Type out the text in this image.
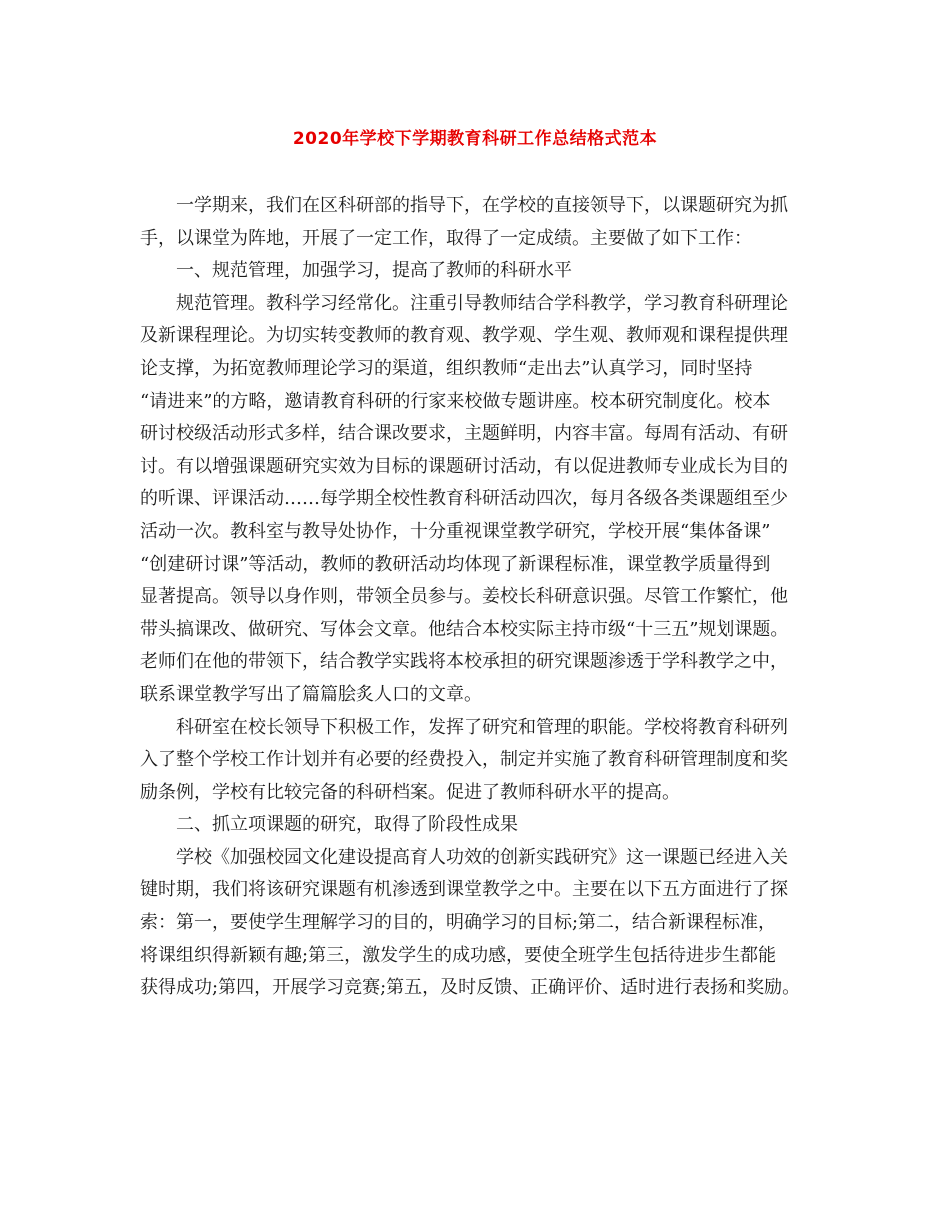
2020年学校下学期教育科研工作总结格式范本
一学期来，我们在区科研部的指导下，在学校的直接领导下，以课题研究为抓
手，以课堂为阵地，开展了一定工作，取得了一定成绩。主要做了如下工作：
一、规范管理，加强学习，提高了教师的科研水平
规范管理。教科学习经常化。注重引导教师结合学科教学，学习教育科研理论
及新课程理论。为切实转变教师的教育观、教学观、学生观、教师观和课程提供理
论支撑，为拓宽教师理论学习的渠道，组织教师“走出去”认真学习，同时坚持
“请进来”的方略，邀请教育科研的行家来校做专题讲座。校本研究制度化。校本
研讨校级活动形式多样，结合课改要求，主题鲜明，内容丰富。每周有活动、有研
讨。有以增强课题研究实效为目标的课题研讨活动，有以促进教师专业成长为目的
的听课、评课活动……每学期全校性教育科研活动四次，每月各级各类课题组至少
活动一次。教科室与教导处协作，十分重视课堂教学研究，学校开展“集体备课”
“创建研讨课”等活动，教师的教研活动均体现了新课程标准，课堂教学质量得到
显著提高。领导以身作则，带领全员参与。姜校长科研意识强。尽管工作繁忙，他
带头搞课改、做研究、写体会文章。他结合本校实际主持市级“十三五”规划课题。
老师们在他的带领下，结合教学实践将本校承担的研究课题渗透于学科教学之中，
联系课堂教学写出了篇篇脍炙人口的文章。
科研室在校长领导下积极工作，发挥了研究和管理的职能。学校将教育科研列
入了整个学校工作计划并有必要的经费投入，制定并实施了教育科研管理制度和奖
励条例，学校有比较完备的科研档案。促进了教师科研水平的提高。
二、抓立项课题的研究，取得了阶段性成果
学校《加强校园文化建设提高育人功效的创新实践研究》这一课题已经进入关
键时期，我们将该研究课题有机渗透到课堂教学之中。主要在以下五方面进行了探
索：第一，要使学生理解学习的目的，明确学习的目标;第二，结合新课程标准，
将课组织得新颖有趣;第三，激发学生的成功感，要使全班学生包括待进步生都能
获得成功;第四，开展学习竞赛;第五，及时反馈、正确评价、适时进行表扬和奖励。
